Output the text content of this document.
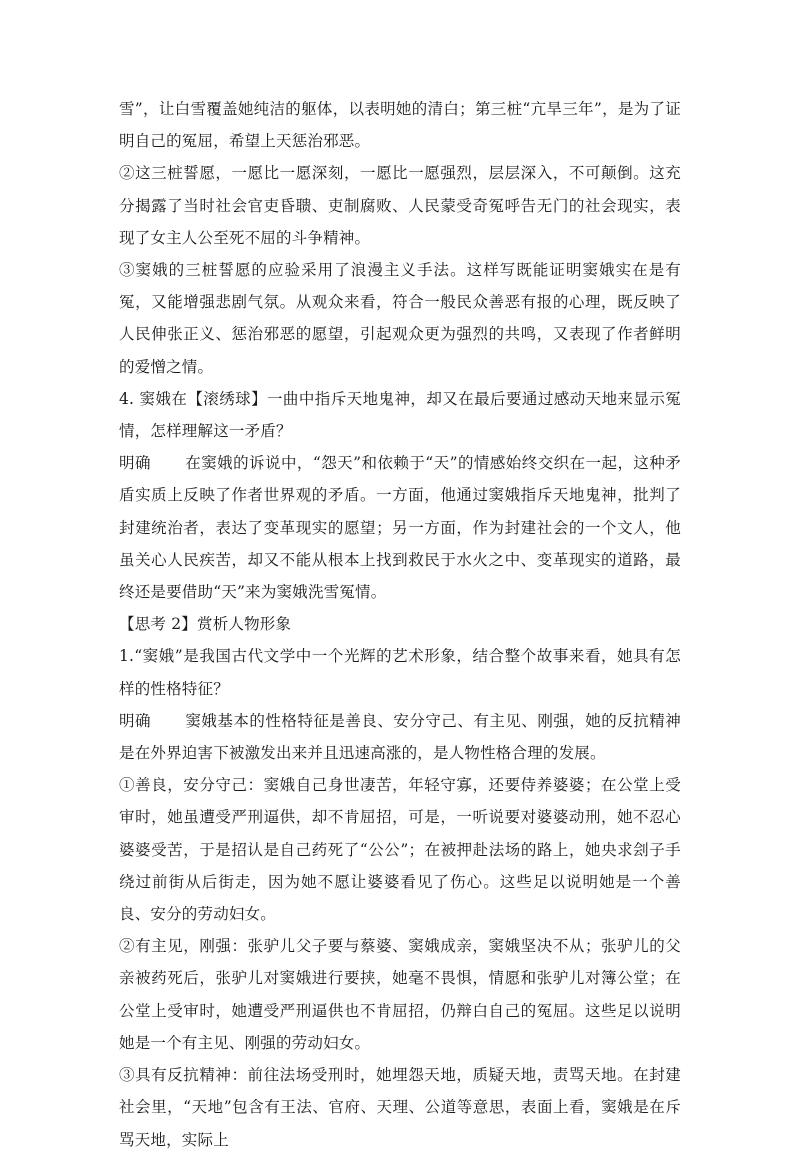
雪”，让白雪覆盖她纯洁的躯体，以表明她的清白；第三桩“亢旱三年”，是为了证明自己的冤屈，希望上天惩治邪恶。

②这三桩誓愿，一愿比一愿深刻，一愿比一愿强烈，层层深入，不可颠倒。这充分揭露了当时社会官吏昏聩、吏制腐败、人民蒙受奇冤呼告无门的社会现实，表现了女主人公至死不屈的斗争精神。

③窦娥的三桩誓愿的应验采用了浪漫主义手法。这样写既能证明窦娥实在是有冤，又能增强悲剧气氛。从观众来看，符合一般民众善恶有报的心理，既反映了人民伸张正义、惩治邪恶的愿望，引起观众更为强烈的共鸣，又表现了作者鲜明的爱憎之情。

4. 窦娥在【滚绣球】一曲中指斥天地鬼神，却又在最后要通过感动天地来显示冤情，怎样理解这一矛盾？

明确 在窦娥的诉说中，“怨天”和依赖于“天”的情感始终交织在一起，这种矛盾实质上反映了作者世界观的矛盾。一方面，他通过窦娥指斥天地鬼神，批判了封建统治者，表达了变革现实的愿望；另一方面，作为封建社会的一个文人，他虽关心人民疾苦，却又不能从根本上找到救民于水火之中、变革现实的道路，最终还是要借助“天”来为窦娥洗雪冤情。

【思考 2】赏析人物形象

1.“窦娥”是我国古代文学中一个光辉的艺术形象，结合整个故事来看，她具有怎样的性格特征？

明确 窦娥基本的性格特征是善良、安分守己、有主见、刚强，她的反抗精神是在外界迫害下被激发出来并且迅速高涨的，是人物性格合理的发展。

①善良，安分守己：窦娥自己身世凄苦，年轻守寡，还要侍养婆婆；在公堂上受审时，她虽遭受严刑逼供，却不肯屈招，可是，一听说要对婆婆动刑，她不忍心婆婆受苦，于是招认是自己药死了“公公”；在被押赴法场的路上，她央求刽子手绕过前街从后街走，因为她不愿让婆婆看见了伤心。这些足以说明她是一个善良、安分的劳动妇女。

②有主见，刚强：张驴儿父子要与蔡婆、窦娥成亲，窦娥坚决不从；张驴儿的父亲被药死后，张驴儿对窦娥进行要挟，她毫不畏惧，情愿和张驴儿对簿公堂；在公堂上受审时，她遭受严刑逼供也不肯屈招，仍辩白自己的冤屈。这些足以说明她是一个有主见、刚强的劳动妇女。

③具有反抗精神：前往法场受刑时，她埋怨天地，质疑天地，责骂天地。在封建社会里，“天地”包含有王法、官府、天理、公道等意思，表面上看，窦娥是在斥骂天地，实际上
